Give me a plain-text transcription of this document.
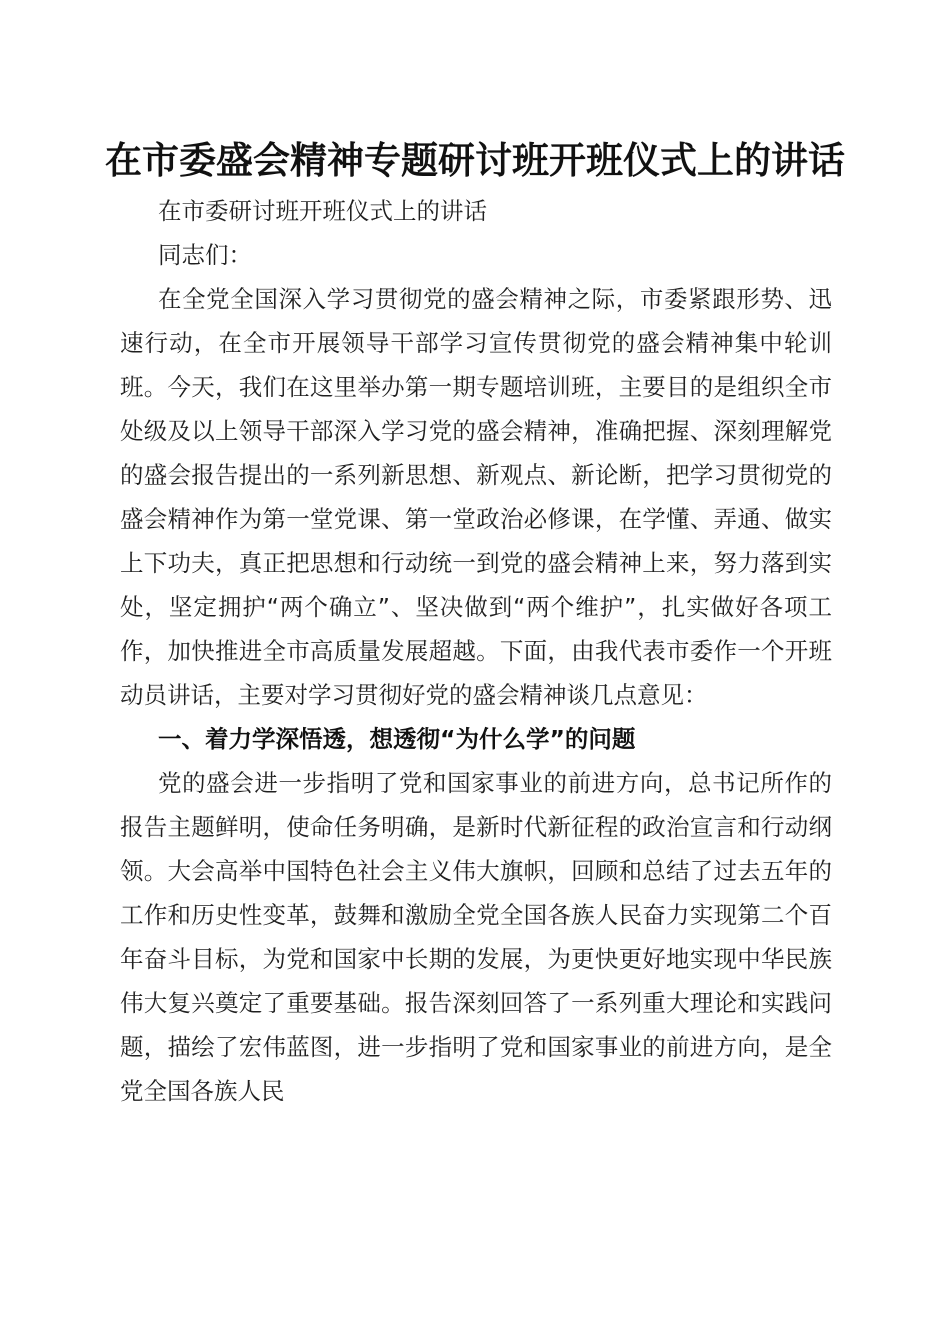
在市委盛会精神专题研讨班开班仪式上的讲话

在市委研讨班开班仪式上的讲话

同志们：

在全党全国深入学习贯彻党的盛会精神之际，市委紧跟形势、迅速行动，在全市开展领导干部学习宣传贯彻党的盛会精神集中轮训班。今天，我们在这里举办第一期专题培训班，主要目的是组织全市处级及以上领导干部深入学习党的盛会精神，准确把握、深刻理解党的盛会报告提出的一系列新思想、新观点、新论断，把学习贯彻党的盛会精神作为第一堂党课、第一堂政治必修课，在学懂、弄通、做实上下功夫，真正把思想和行动统一到党的盛会精神上来，努力落到实处，坚定拥护“两个确立”、坚决做到“两个维护”，扎实做好各项工作，加快推进全市高质量发展超越。下面，由我代表市委作一个开班动员讲话，主要对学习贯彻好党的盛会精神谈几点意见：

一、着力学深悟透，想透彻“为什么学”的问题

党的盛会进一步指明了党和国家事业的前进方向，总书记所作的报告主题鲜明，使命任务明确，是新时代新征程的政治宣言和行动纲领。大会高举中国特色社会主义伟大旗帜，回顾和总结了过去五年的工作和历史性变革，鼓舞和激励全党全国各族人民奋力实现第二个百年奋斗目标，为党和国家中长期的发展，为更快更好地实现中华民族伟大复兴奠定了重要基础。报告深刻回答了一系列重大理论和实践问题，描绘了宏伟蓝图，进一步指明了党和国家事业的前进方向，是全党全国各族人民
